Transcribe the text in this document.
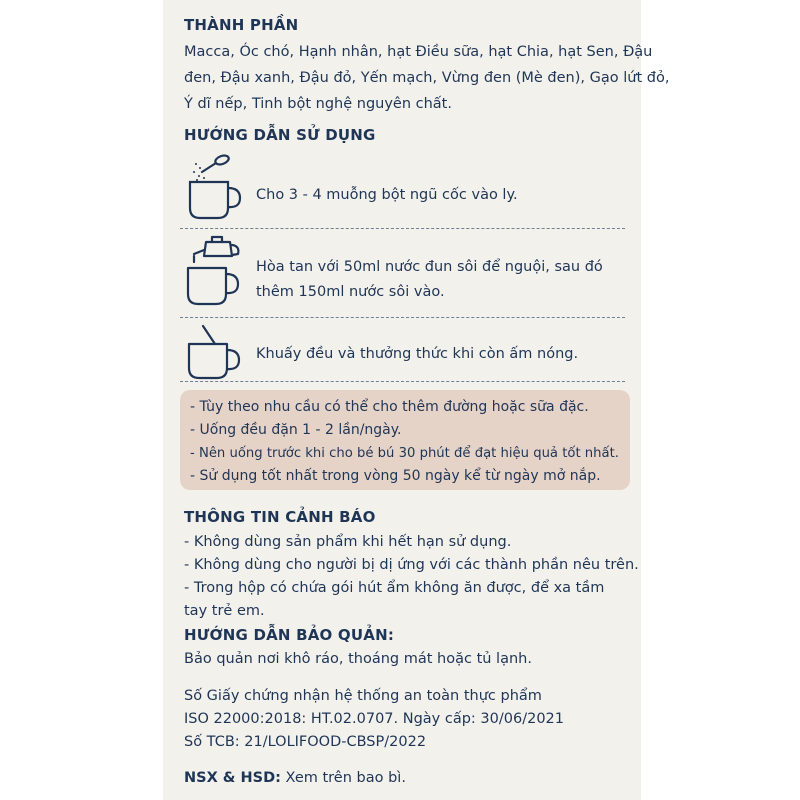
THÀNH PHẦN
Macca, Óc chó, Hạnh nhân, hạt Điều sữa, hạt Chia, hạt Sen, Đậu
đen, Đậu xanh, Đậu đỏ, Yến mạch, Vừng đen (Mè đen), Gạo lứt đỏ,
Ý dĩ nếp, Tinh bột nghệ nguyên chất.
HƯỚNG DẪN SỬ DỤNG
Cho 3 - 4 muỗng bột ngũ cốc vào ly.
Hòa tan với 50ml nước đun sôi để nguội, sau đó
thêm 150ml nước sôi vào.
Khuấy đều và thưởng thức khi còn ấm nóng.
- Tùy theo nhu cầu có thể cho thêm đường hoặc sữa đặc.
- Uống đều đặn 1 - 2 lần/ngày.
- Nên uống trước khi cho bé bú 30 phút để đạt hiệu quả tốt nhất.
- Sử dụng tốt nhất trong vòng 50 ngày kể từ ngày mở nắp.
THÔNG TIN CẢNH BÁO
- Không dùng sản phẩm khi hết hạn sử dụng.
- Không dùng cho người bị dị ứng với các thành phần nêu trên.
- Trong hộp có chứa gói hút ẩm không ăn được, để xa tầm
tay trẻ em.
HƯỚNG DẪN BẢO QUẢN:
Bảo quản nơi khô ráo, thoáng mát hoặc tủ lạnh.
Số Giấy chứng nhận hệ thống an toàn thực phẩm
ISO 22000:2018: HT.02.0707. Ngày cấp: 30/06/2021
Số TCB: 21/LOLIFOOD-CBSP/2022
NSX & HSD: Xem trên bao bì.
